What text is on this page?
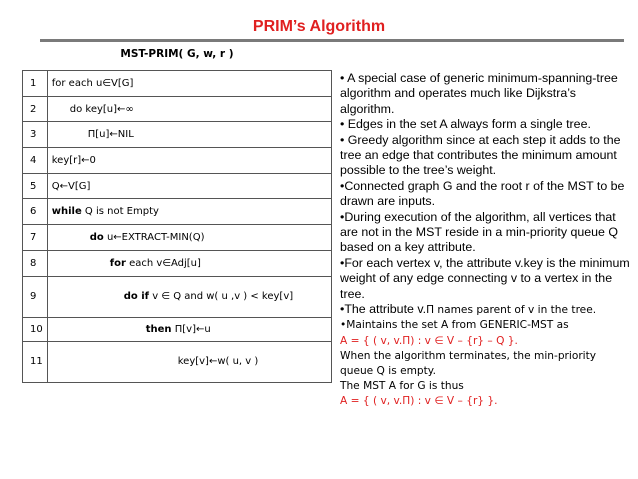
PRIM’s Algorithm
MST-PRIM( G, w, r )
1	for each u∈V[G]
2	do key[u]←∞
3	Π[u]←NIL
4	key[r]←0
5	Q←V[G]
6	while Q is not Empty
7	do u←EXTRACT-MIN(Q)
8	for each v∈Adj[u]
9	do if v ∈ Q and w( u ,v ) < key[v]
10	then Π[v]←u
11	key[v]←w( u, v )

• A special case of generic minimum-spanning-tree algorithm and operates much like Dijkstra’s algorithm.

• Edges in the set A always form a single tree.

• Greedy algorithm since at each step it adds to the tree an edge that contributes the minimum amount possible to the tree’s weight.

•Connected graph G and the root r of the MST to be drawn are inputs.

•During execution of the algorithm, all vertices that are not in the MST reside in a min-priority queue Q based on a key attribute.

•For each vertex v, the attribute v.key is the minimum weight of any edge connecting v to a vertex in the tree.

•The attribute v.Π names parent of v in the tree.

•Maintains the set A from GENERIC-MST as

A = { ( v, v.Π) : v ∈ V – {r} – Q }.

When the algorithm terminates, the min-priority queue Q is empty.

The MST A for G is thus

A = { ( v, v.Π) : v ∈ V – {r} }.
